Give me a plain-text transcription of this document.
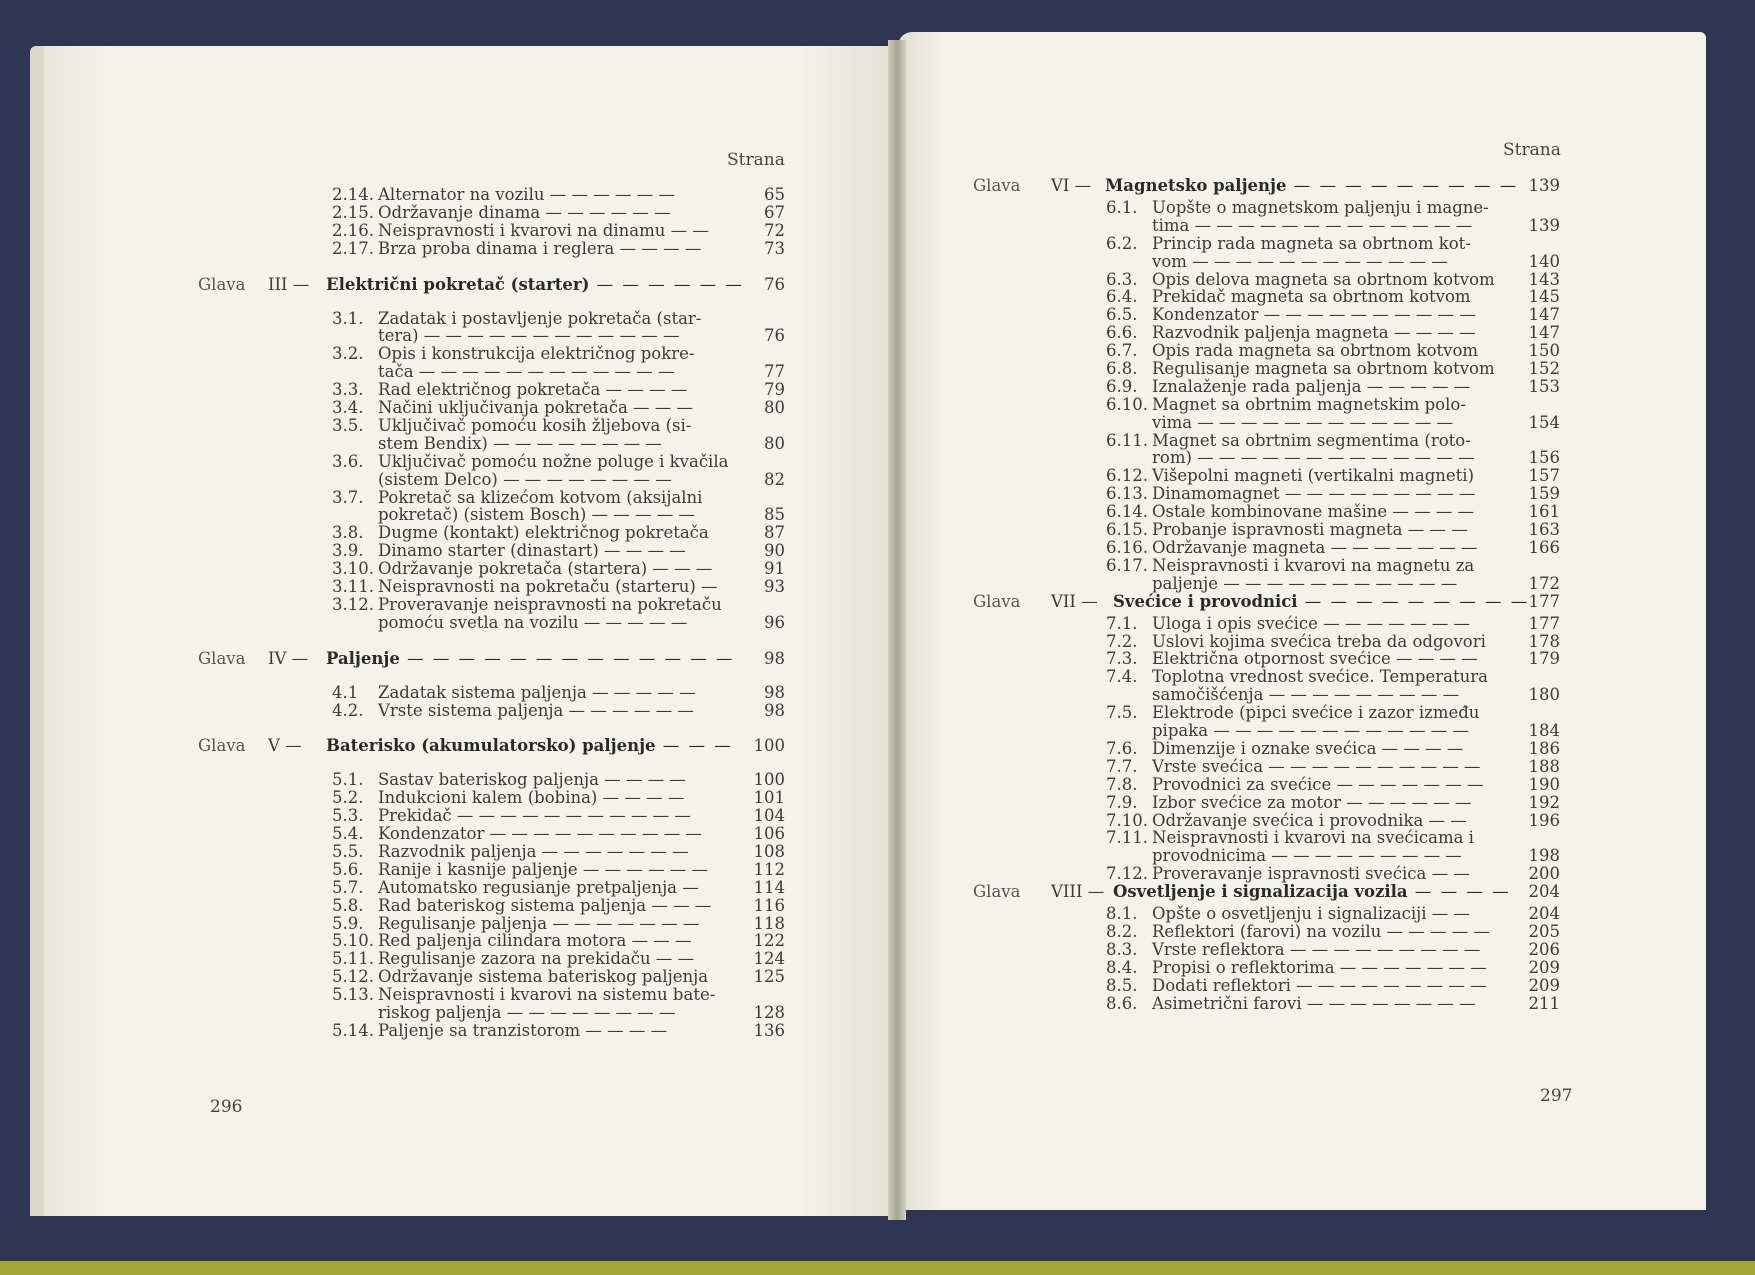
Strana	Strana
2.14. Alternator na vozilu — — — — — —	65
2.15. Održavanje dinama — — — — — —	67
2.16. Neispravnosti i kvarovi na dinamu — —	72
2.17. Brza proba dinama i reglera — — — —	73
Glava III — Električni pokretač (starter) — — — — — —	76
3.1. Zadatak i postavljenje pokretača (star-
tera) — — — — — — — — — — — —	76
3.2. Opis i konstrukcija električnog pokre-
tača — — — — — — — — — — — —	77
3.3. Rad električnog pokretača — — — —	79
3.4. Načini uključivanja pokretača — — —	80
3.5. Uključivač pomoću kosih žljebova (si-
stem Bendix) — — — — — — — —	80
3.6. Uključivač pomoću nožne poluge i kvačila
(sistem Delco) — — — — — — — —	82
3.7. Pokretač sa klizećom kotvom (aksijalni
pokretač) (sistem Bosch) — — — — —	85
3.8. Dugme (kontakt) električnog pokretača	87
3.9. Dinamo starter (dinastart) — — — —	90
3.10. Održavanje pokretača (startera) — — —	91
3.11. Neispravnosti na pokretaču (starteru) —	93
3.12. Proveravanje neispravnosti na pokretaču
pomoću svetla na vozilu — — — — —	96
Glava IV — Paljenje — — — — — — — — — — — — —	98
4.1 Zadatak sistema paljenja — — — — —	98
4.2. Vrste sistema paljenja — — — — — —	98
Glava V — Baterisko (akumulatorsko) paljenje — — —	100
5.1. Sastav bateriskog paljenja — — — —	100
5.2. Indukcioni kalem (bobina) — — — —	101
5.3. Prekidač — — — — — — — — — — —	104
5.4. Kondenzator — — — — — — — — — —	106
5.5. Razvodnik paljenja — — — — — — —	108
5.6. Ranije i kasnije paljenje — — — — — —	112
5.7. Automatsko regusianje pretpaljenja —	114
5.8. Rad bateriskog sistema paljenja — — —	116
5.9. Regulisanje paljenja — — — — — — —	118
5.10. Red paljenja cilindara motora — — —	122
5.11. Regulisanje zazora na prekidaču — —	124
5.12. Održavanje sistema bateriskog paljenja	125
5.13. Neispravnosti i kvarovi na sistemu bate-
riskog paljenja — — — — — — — —	128
5.14. Paljenje sa tranzistorom — — — —	136
Glava VI — Magnetsko paljenje — — — — — — — — — 139
6.1. Uopšte o magnetskom paljenju i magne-
tima — — — — — — — — — — — — —	139
6.2. Princip rada magneta sa obrtnom kot-
vom — — — — — — — — — — — —	140
6.3. Opis delova magneta sa obrtnom kotvom	143
6.4. Prekidač magneta sa obrtnom kotvom	145
6.5. Kondenzator — — — — — — — — — —	147
6.6. Razvodnik paljenja magneta — — — —	147
6.7. Opis rada magneta sa obrtnom kotvom	150
6.8. Regulisanje magneta sa obrtnom kotvom	152
6.9. Iznalaženje rada paljenja — — — — —	153
6.10. Magnet sa obrtnim magnetskim polo-
vima — — — — — — — — — — — —	154
6.11. Magnet sa obrtnim segmentima (roto-
rom) — — — — — — — — — — — — —	156
6.12. Višepolni magneti (vertikalni magneti)	157
6.13. Dinamomagnet — — — — — — — — —	159
6.14. Ostale kombinovane mašine — — — —	161
6.15. Probanje ispravnosti magneta — — —	163
6.16. Održavanje magneta — — — — — — —	166
6.17. Neispravnosti i kvarovi na magnetu za
paljenje — — — — — — — — — — —	172
Glava VII — Svećice i provodnici — — — — — — — — — 177
7.1. Uloga i opis svećice — — — — — — —	177
7.2. Uslovi kojima svećica treba da odgovori	178
7.3. Električna otpornost svećice — — — —	179
7.4. Toplotna vrednost svećice. Temperatura
samočišćenja — — — — — — — — —	180
7.5. Elektrode (pipci svećice i zazor između
pipaka — — — — — — — — — — — —	184
7.6. Dimenzije i oznake svećica — — — —	186
7.7. Vrste svećica — — — — — — — — — —	188
7.8. Provodnici za svećice — — — — — — —	190
7.9. Izbor svećice za motor — — — — — —	192
7.10. Održavanje svećica i provodnika — —	196
7.11. Neispravnosti i kvarovi na svećicama i
provodnicima — — — — — — — — —	198
7.12. Proveravanje ispravnosti svećica — —	200
Glava VIII — Osvetljenje i signalizacija vozila — — — —	204
8.1. Opšte o osvetljenju i signalizaciji — —	204
8.2. Reflektori (farovi) na vozilu — — — — —	205
8.3. Vrste reflektora — — — — — — — — —	206
8.4. Propisi o reflektorima — — — — — — —	209
8.5. Dodati reflektori — — — — — — — — —	209
8.6. Asimetrični farovi — — — — — — — —	211
296
297
